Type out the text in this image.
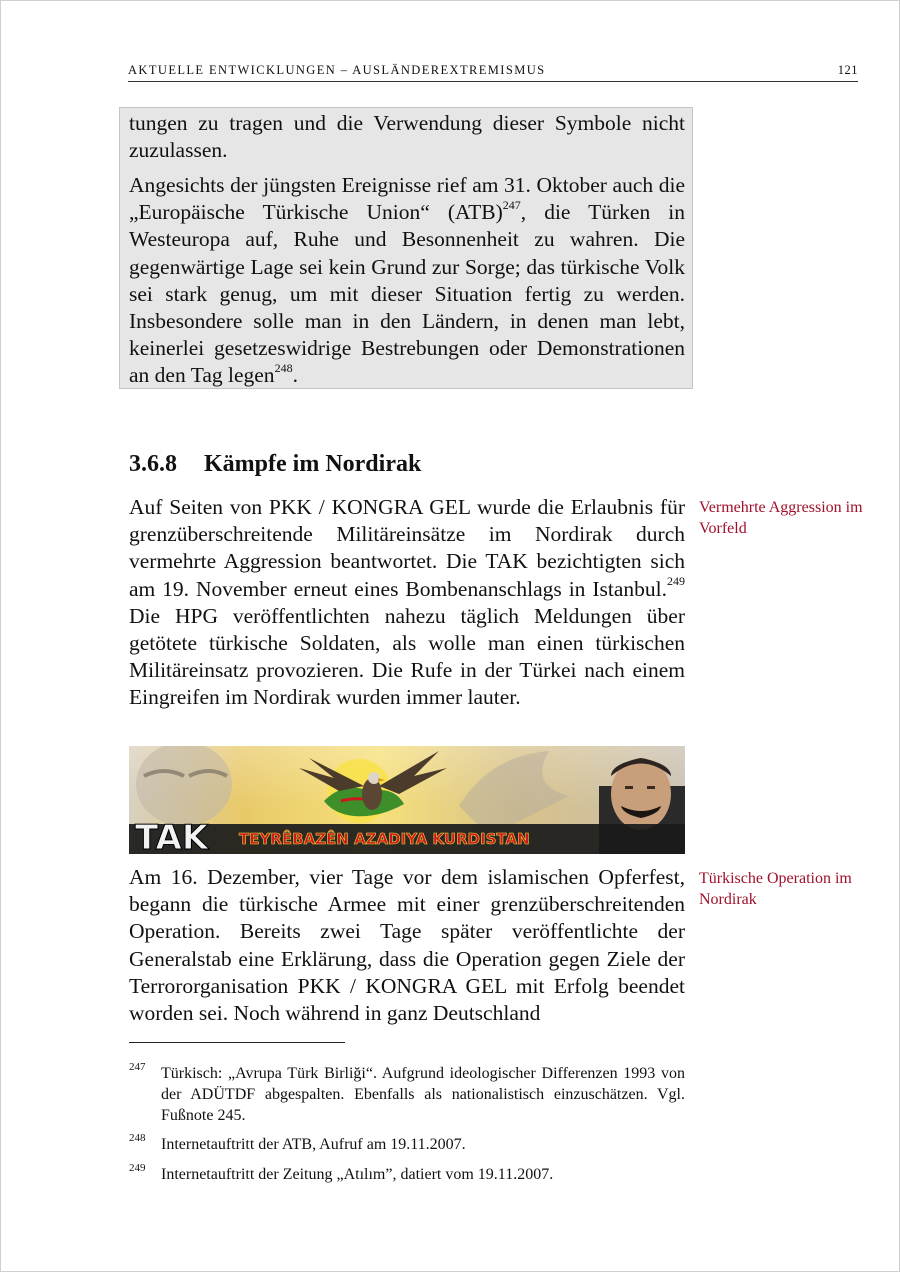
AKTUELLE ENTWICKLUNGEN – AUSLÄNDEREXTREMISMUS	121

tungen zu tragen und die Verwendung dieser Symbole nicht zuzulassen.

Angesichts der jüngsten Ereignisse rief am 31. Oktober auch die „Europäische Türkische Union“ (ATB)$^{247}$, die Türken in Westeuropa auf, Ruhe und Besonnenheit zu wahren. Die gegenwärtige Lage sei kein Grund zur Sorge; das türkische Volk sei stark genug, um mit dieser Situation fertig zu werden. Insbesondere solle man in den Ländern, in denen man lebt, keinerlei gesetzeswidrige Bestrebungen oder Demonstrationen an den Tag legen$^{248}$.

3.6.8 Kämpfe im Nordirak

Auf Seiten von PKK / KONGRA GEL wurde die Erlaubnis für grenzüberschreitende Militäreinsätze im Nordirak durch vermehrte Aggression beantwortet. Die TAK bezichtigten sich am 19. November erneut eines Bombenanschlags in Istanbul.$^{249}$ Die HPG veröffentlichten nahezu täglich Meldungen über getötete türkische Soldaten, als wolle man einen türkischen Militäreinsatz provozieren. Die Rufe in der Türkei nach einem Eingreifen im Nordirak wurden immer lauter.

Vermehrte Aggression im Vorfeld
TAK TEYRÊBAZÊN AZADIYA KURDISTAN

Am 16. Dezember, vier Tage vor dem islamischen Opferfest, begann die türkische Armee mit einer grenzüberschreitenden Operation. Bereits zwei Tage später veröffentlichte der Generalstab eine Erklärung, dass die Operation gegen Ziele der Terrororganisation PKK / KONGRA GEL mit Erfolg beendet worden sei. Noch während in ganz Deutschland

Türkische Operation im Nordirak
247 Türkisch: „Avrupa Türk Birliği“. Aufgrund ideologischer Differenzen 1993 von der ADÜTDF abgespalten. Ebenfalls als nationalistisch einzuschätzen. Vgl. Fußnote 245.
248 Internetauftritt der ATB, Aufruf am 19.11.2007.
249 Internetauftritt der Zeitung „Atılım”, datiert vom 19.11.2007.
